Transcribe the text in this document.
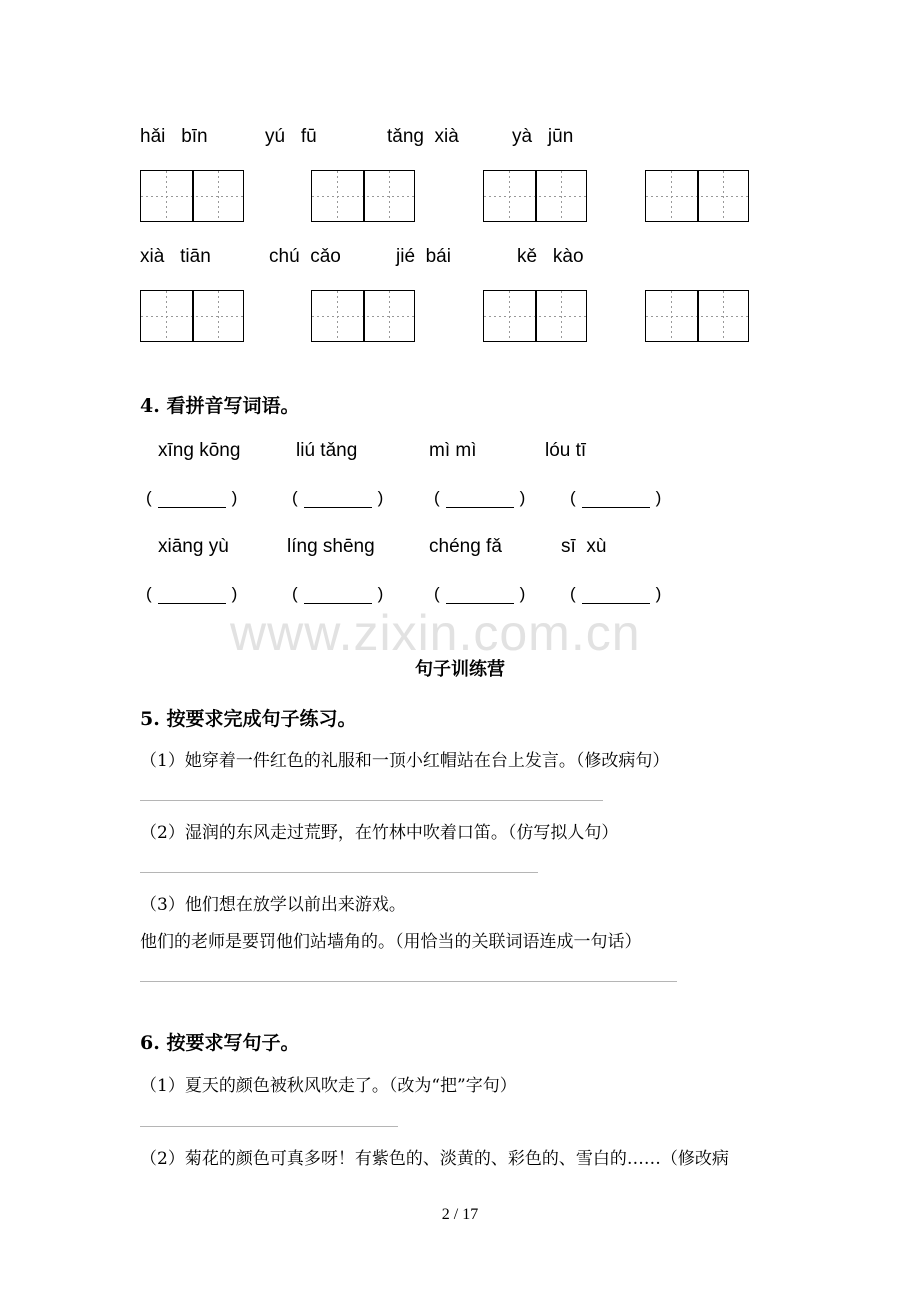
hǎi   bīn	yú   fū	tǎng  xià	yà   jūn
xià   tiān	chú  cǎo	jié  bái	kě   kào
4. 看拼音写词语。
xīng kōng	liú tǎng	mì mì	lóu tī
(	)	(	)	(	)	(	)
xiāng yù	líng shēng	chéng fǎ	sī  xù
(	)	(	)	(	)	(	)
www.zixin.com.cn
句子训练营
5. 按要求完成句子练习。
（1）她穿着一件红色的礼服和一顶小红帽站在台上发言。（修改病句）
（2）湿润的东风走过荒野，在竹林中吹着口笛。（仿写拟人句）
（3）他们想在放学以前出来游戏。
他们的老师是要罚他们站墙角的。（用恰当的关联词语连成一句话）
6. 按要求写句子。
（1）夏天的颜色被秋风吹走了。（改为“把”字句）
（2）菊花的颜色可真多呀！有紫色的、淡黄的、彩色的、雪白的……（修改病
2 / 17
